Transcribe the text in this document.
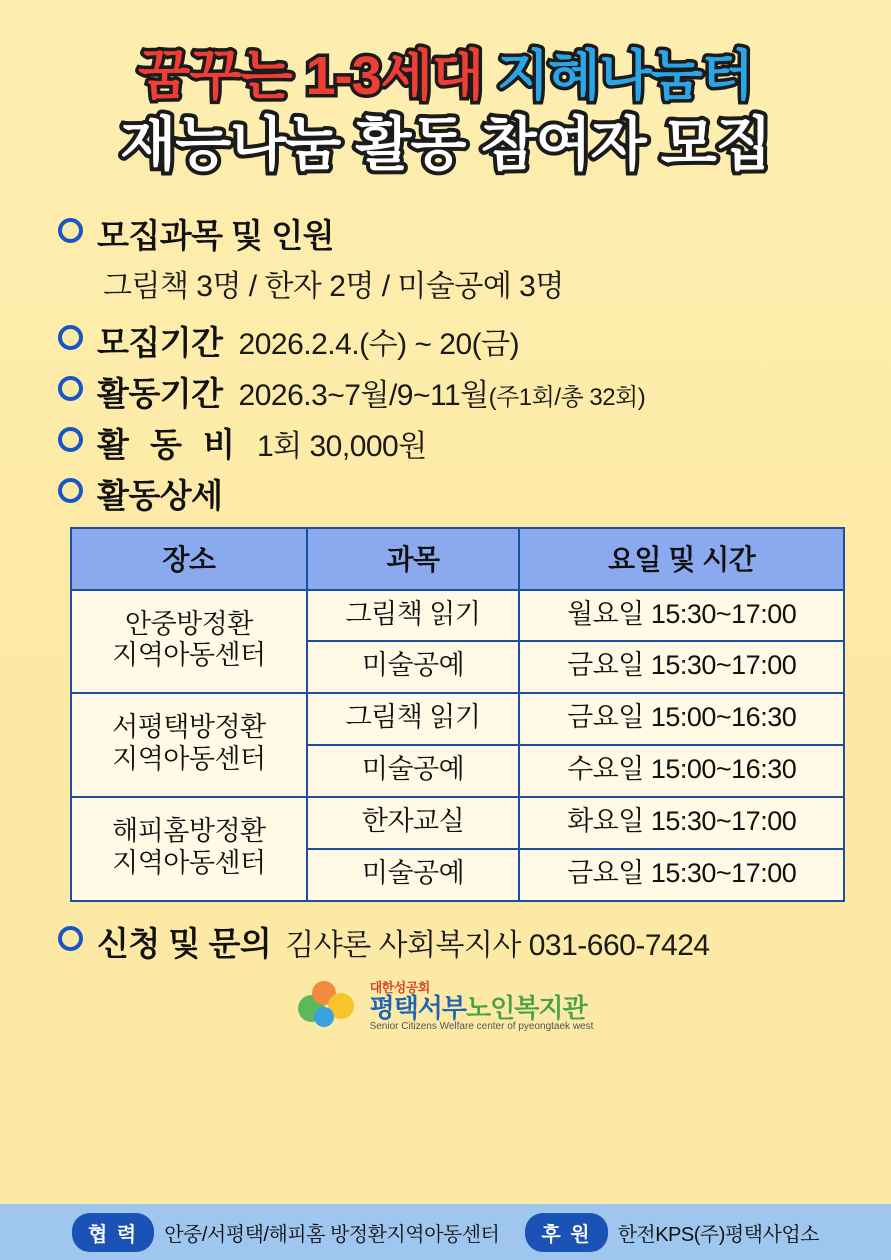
꿈꾸는 1-3세대 지혜나눔터
재능나눔 활동 참여자 모집
모집과목 및 인원
그림책 3명 / 한자 2명 / 미술공예 3명
모집기간 2026.2.4.(수) ~ 20(금)
활동기간 2026.3~7월/9~11월(주1회/총 32회)
활 동 비 1회 30,000원
활동상세
장소	과목	요일 및 시간
안중방정환
지역아동센터	그림책 읽기	월요일 15:30~17:00
	미술공예	금요일 15:30~17:00
서평택방정환
지역아동센터	그림책 읽기	금요일 15:00~16:30
	미술공예	수요일 15:00~16:30
해피홈방정환
지역아동센터	한자교실	화요일 15:30~17:00
	미술공예	금요일 15:30~17:00
신청 및 문의 김샤론 사회복지사 031-660-7424
대한성공회
평택서부노인복지관
Senior Citizens Welfare center of pyeongtaek west
협 력	안중/서평택/해피홈 방정환지역아동센터	후 원	한전KPS(주)평택사업소
